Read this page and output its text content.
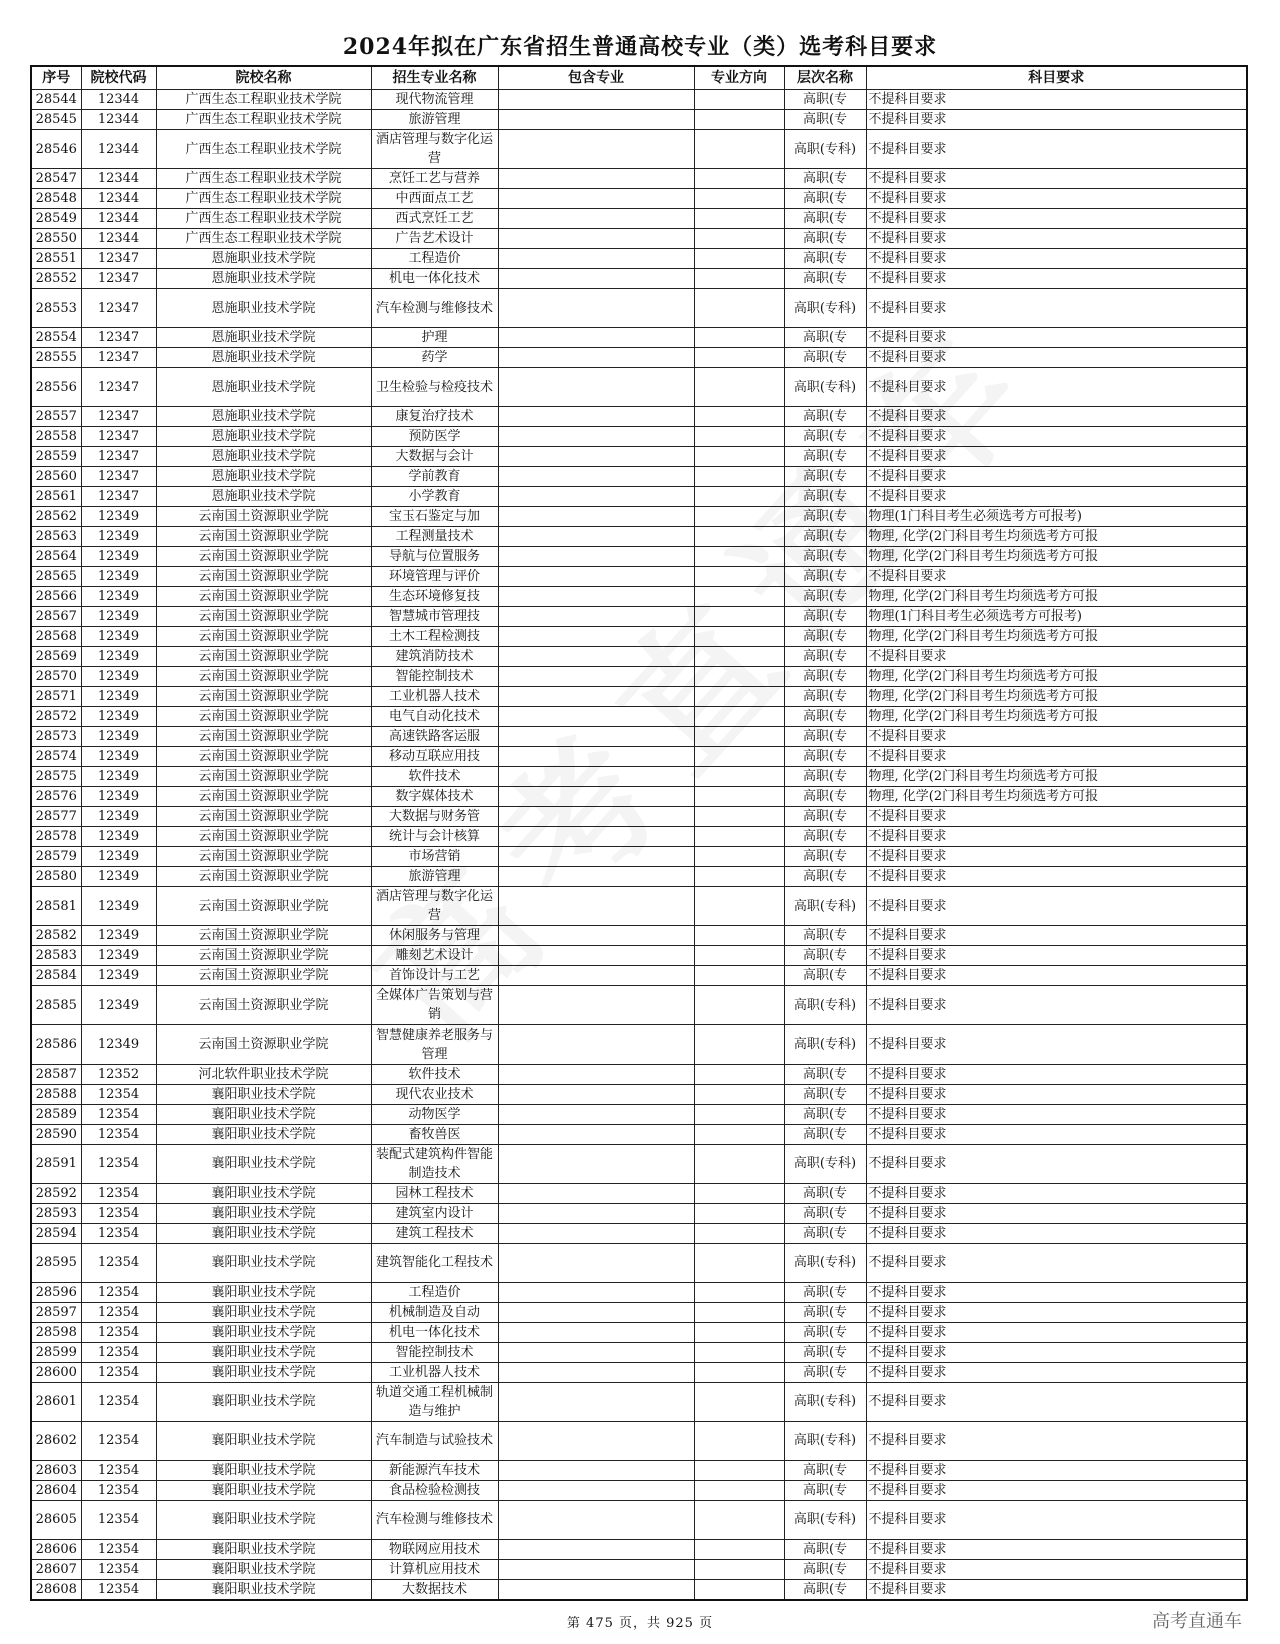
2024年拟在广东省招生普通高校专业（类）选考科目要求
序号	院校代码	院校名称	招生专业名称	包含专业	专业方向	层次名称	科目要求
28544	12344	广西生态工程职业技术学院	现代物流管理			高职(专	不提科目要求
28545	12344	广西生态工程职业技术学院	旅游管理			高职(专	不提科目要求
28546	12344	广西生态工程职业技术学院	酒店管理与数字化运营			高职(专科)	不提科目要求
28547	12344	广西生态工程职业技术学院	烹饪工艺与营养			高职(专	不提科目要求
28548	12344	广西生态工程职业技术学院	中西面点工艺			高职(专	不提科目要求
28549	12344	广西生态工程职业技术学院	西式烹饪工艺			高职(专	不提科目要求
28550	12344	广西生态工程职业技术学院	广告艺术设计			高职(专	不提科目要求
28551	12347	恩施职业技术学院	工程造价			高职(专	不提科目要求
28552	12347	恩施职业技术学院	机电一体化技术			高职(专	不提科目要求
28553	12347	恩施职业技术学院	汽车检测与维修技术			高职(专科)	不提科目要求
28554	12347	恩施职业技术学院	护理			高职(专	不提科目要求
28555	12347	恩施职业技术学院	药学			高职(专	不提科目要求
28556	12347	恩施职业技术学院	卫生检验与检疫技术			高职(专科)	不提科目要求
28557	12347	恩施职业技术学院	康复治疗技术			高职(专	不提科目要求
28558	12347	恩施职业技术学院	预防医学			高职(专	不提科目要求
28559	12347	恩施职业技术学院	大数据与会计			高职(专	不提科目要求
28560	12347	恩施职业技术学院	学前教育			高职(专	不提科目要求
28561	12347	恩施职业技术学院	小学教育			高职(专	不提科目要求
28562	12349	云南国土资源职业学院	宝玉石鉴定与加			高职(专	物理(1门科目考生必须选考方可报考)
28563	12349	云南国土资源职业学院	工程测量技术			高职(专	物理, 化学(2门科目考生均须选考方可报
28564	12349	云南国土资源职业学院	导航与位置服务			高职(专	物理, 化学(2门科目考生均须选考方可报
28565	12349	云南国土资源职业学院	环境管理与评价			高职(专	不提科目要求
28566	12349	云南国土资源职业学院	生态环境修复技			高职(专	物理, 化学(2门科目考生均须选考方可报
28567	12349	云南国土资源职业学院	智慧城市管理技			高职(专	物理(1门科目考生必须选考方可报考)
28568	12349	云南国土资源职业学院	土木工程检测技			高职(专	物理, 化学(2门科目考生均须选考方可报
28569	12349	云南国土资源职业学院	建筑消防技术			高职(专	不提科目要求
28570	12349	云南国土资源职业学院	智能控制技术			高职(专	物理, 化学(2门科目考生均须选考方可报
28571	12349	云南国土资源职业学院	工业机器人技术			高职(专	物理, 化学(2门科目考生均须选考方可报
28572	12349	云南国土资源职业学院	电气自动化技术			高职(专	物理, 化学(2门科目考生均须选考方可报
28573	12349	云南国土资源职业学院	高速铁路客运服			高职(专	不提科目要求
28574	12349	云南国土资源职业学院	移动互联应用技			高职(专	不提科目要求
28575	12349	云南国土资源职业学院	软件技术			高职(专	物理, 化学(2门科目考生均须选考方可报
28576	12349	云南国土资源职业学院	数字媒体技术			高职(专	物理, 化学(2门科目考生均须选考方可报
28577	12349	云南国土资源职业学院	大数据与财务管			高职(专	不提科目要求
28578	12349	云南国土资源职业学院	统计与会计核算			高职(专	不提科目要求
28579	12349	云南国土资源职业学院	市场营销			高职(专	不提科目要求
28580	12349	云南国土资源职业学院	旅游管理			高职(专	不提科目要求
28581	12349	云南国土资源职业学院	酒店管理与数字化运营			高职(专科)	不提科目要求
28582	12349	云南国土资源职业学院	休闲服务与管理			高职(专	不提科目要求
28583	12349	云南国土资源职业学院	雕刻艺术设计			高职(专	不提科目要求
28584	12349	云南国土资源职业学院	首饰设计与工艺			高职(专	不提科目要求
28585	12349	云南国土资源职业学院	全媒体广告策划与营销			高职(专科)	不提科目要求
28586	12349	云南国土资源职业学院	智慧健康养老服务与管理			高职(专科)	不提科目要求
28587	12352	河北软件职业技术学院	软件技术			高职(专	不提科目要求
28588	12354	襄阳职业技术学院	现代农业技术			高职(专	不提科目要求
28589	12354	襄阳职业技术学院	动物医学			高职(专	不提科目要求
28590	12354	襄阳职业技术学院	畜牧兽医			高职(专	不提科目要求
28591	12354	襄阳职业技术学院	装配式建筑构件智能制造技术			高职(专科)	不提科目要求
28592	12354	襄阳职业技术学院	园林工程技术			高职(专	不提科目要求
28593	12354	襄阳职业技术学院	建筑室内设计			高职(专	不提科目要求
28594	12354	襄阳职业技术学院	建筑工程技术			高职(专	不提科目要求
28595	12354	襄阳职业技术学院	建筑智能化工程技术			高职(专科)	不提科目要求
28596	12354	襄阳职业技术学院	工程造价			高职(专	不提科目要求
28597	12354	襄阳职业技术学院	机械制造及自动			高职(专	不提科目要求
28598	12354	襄阳职业技术学院	机电一体化技术			高职(专	不提科目要求
28599	12354	襄阳职业技术学院	智能控制技术			高职(专	不提科目要求
28600	12354	襄阳职业技术学院	工业机器人技术			高职(专	不提科目要求
28601	12354	襄阳职业技术学院	轨道交通工程机械制造与维护			高职(专科)	不提科目要求
28602	12354	襄阳职业技术学院	汽车制造与试验技术			高职(专科)	不提科目要求
28603	12354	襄阳职业技术学院	新能源汽车技术			高职(专	不提科目要求
28604	12354	襄阳职业技术学院	食品检验检测技			高职(专	不提科目要求
28605	12354	襄阳职业技术学院	汽车检测与维修技术			高职(专科)	不提科目要求
28606	12354	襄阳职业技术学院	物联网应用技术			高职(专	不提科目要求
28607	12354	襄阳职业技术学院	计算机应用技术			高职(专	不提科目要求
28608	12354	襄阳职业技术学院	大数据技术			高职(专	不提科目要求
第 475 页，共 925 页	高考直通车
